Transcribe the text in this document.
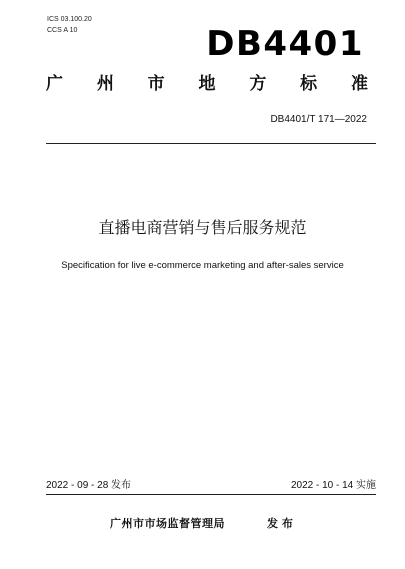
ICS 03.100.20
CCS A 10	DB4401
广 州 市 地 方 标 准
DB4401/T 171—2022
直播电商营销与售后服务规范
Specification for live e-commerce marketing and after-sales service
2022 - 09 - 28 发布	2022 - 10 - 14 实施
广州市市场监督管理局	发 布
